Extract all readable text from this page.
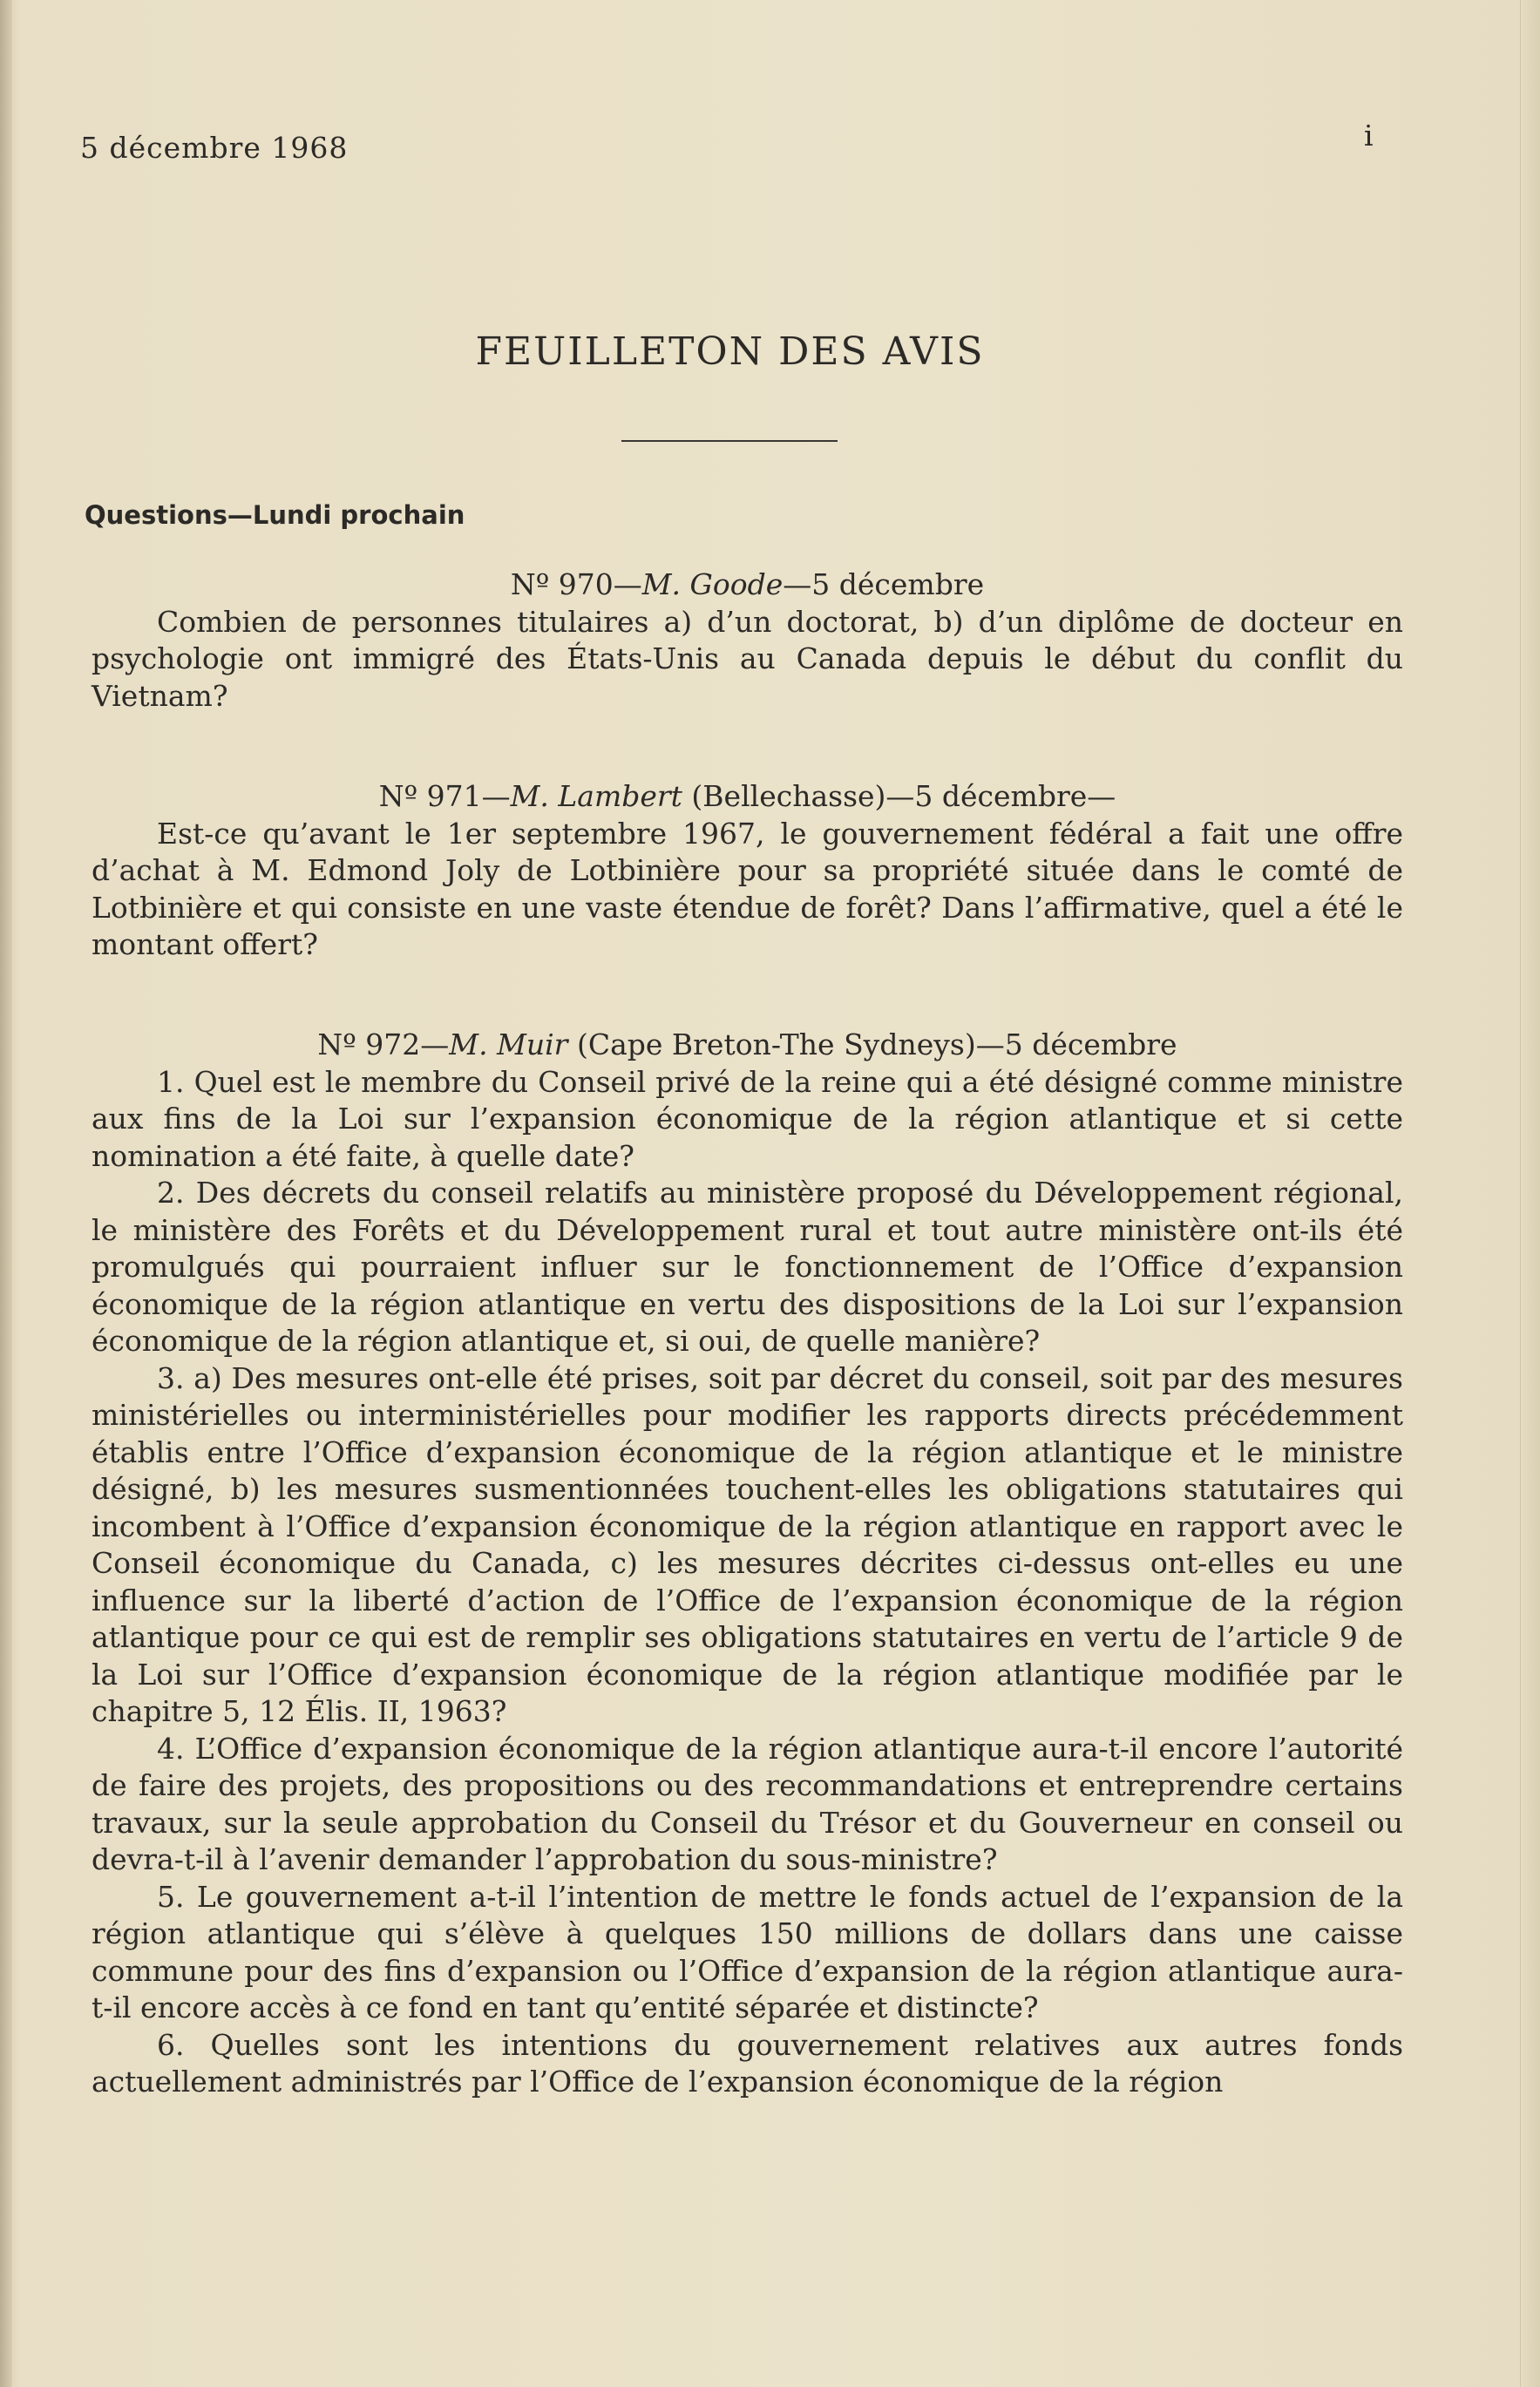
5 décembre 1968	i
FEUILLETON DES AVIS
Questions—Lundi prochain

Nº 970—M. Goode—5 décembre

Combien de personnes titulaires a) d’un doctorat, b) d’un diplôme de docteur en psychologie ont immigré des États-Unis au Canada depuis le début du conflit du Vietnam?

Nº 971—M. Lambert (Bellechasse)—5 décembre—

Est-ce qu’avant le 1er septembre 1967, le gouvernement fédéral a fait une offre d’achat à M. Edmond Joly de Lotbinière pour sa propriété située dans le comté de Lotbinière et qui consiste en une vaste étendue de forêt? Dans l’affirmative, quel a été le montant offert?

Nº 972—M. Muir (Cape Breton-The Sydneys)—5 décembre

1. Quel est le membre du Conseil privé de la reine qui a été désigné comme ministre aux fins de la Loi sur l’expansion économique de la région atlantique et si cette nomination a été faite, à quelle date?

2. Des décrets du conseil relatifs au ministère proposé du Développement régional, le ministère des Forêts et du Développement rural et tout autre ministère ont-ils été promulgués qui pourraient influer sur le fonctionnement de l’Office d’expansion économique de la région atlantique en vertu des dispositions de la Loi sur l’expansion économique de la région atlantique et, si oui, de quelle manière?

3. a) Des mesures ont-elle été prises, soit par décret du conseil, soit par des mesures ministérielles ou interministérielles pour modifier les rapports directs précédemment établis entre l’Office d’expansion économique de la région atlantique et le ministre désigné, b) les mesures susmentionnées touchent-elles les obligations statutaires qui incombent à l’Office d’expansion économique de la région atlantique en rapport avec le Conseil économique du Canada, c) les mesures décrites ci-dessus ont-elles eu une influence sur la liberté d’action de l’Office de l’expansion économique de la région atlantique pour ce qui est de remplir ses obligations statutaires en vertu de l’article 9 de la Loi sur l’Office d’expansion économique de la région atlantique modifiée par le chapitre 5, 12 Élis. II, 1963?

4. L’Office d’expansion économique de la région atlantique aura-t-il encore l’autorité de faire des projets, des propositions ou des recommandations et entreprendre certains travaux, sur la seule approbation du Conseil du Trésor et du Gouverneur en conseil ou devra-t-il à l’avenir demander l’approbation du sous-ministre?

5. Le gouvernement a-t-il l’intention de mettre le fonds actuel de l’expansion de la région atlantique qui s’élève à quelques 150 millions de dollars dans une caisse commune pour des fins d’expansion ou l’Office d’expansion de la région atlantique aura-t-il encore accès à ce fond en tant qu’entité séparée et distincte?

6. Quelles sont les intentions du gouvernement relatives aux autres fonds actuellement administrés par l’Office de l’expansion économique de la région
